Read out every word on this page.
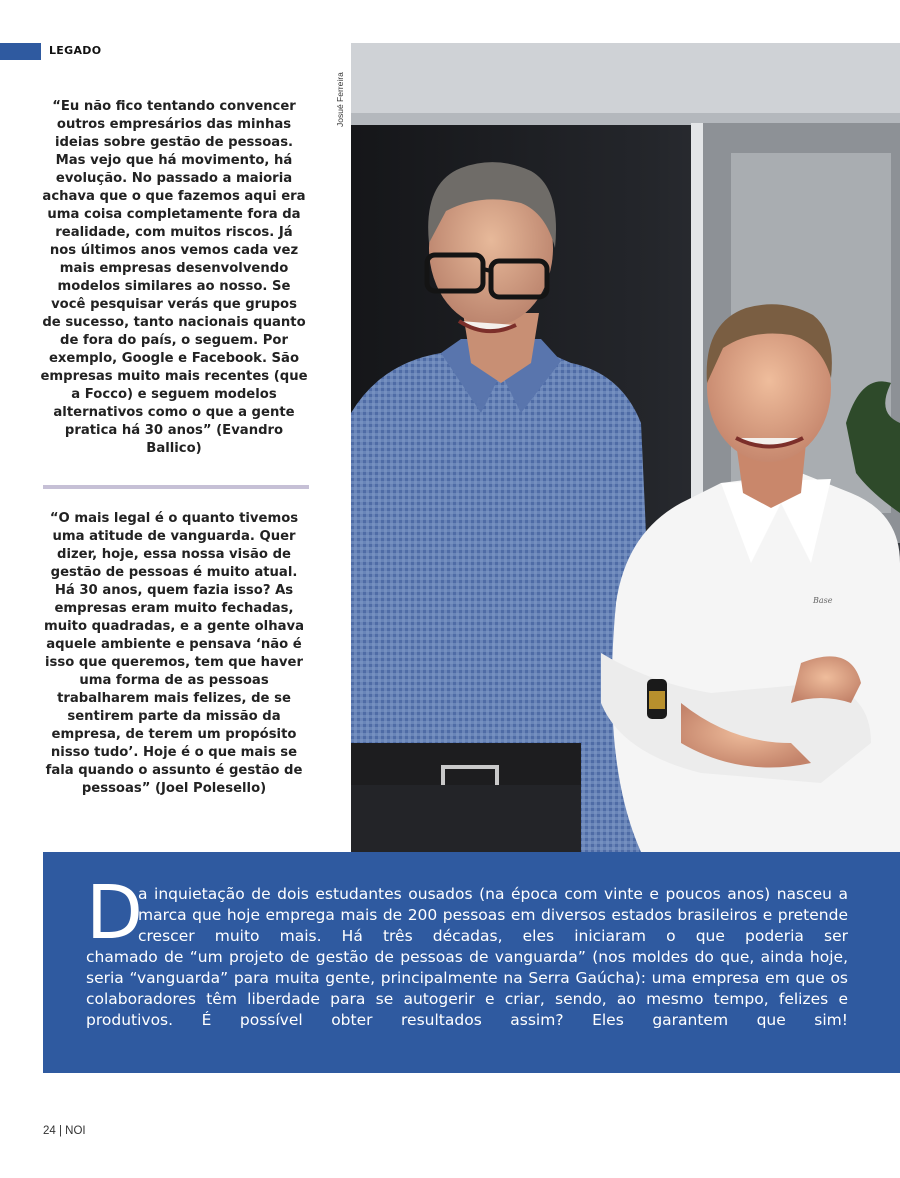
LEGADO
“Eu não fico tentando convencer outros empresários das minhas ideias sobre gestão de pessoas. Mas vejo que há movimento, há evolução. No passado a maioria achava que o que fazemos aqui era uma coisa completamente fora da realidade, com muitos riscos. Já nos últimos anos vemos cada vez mais empresas desenvolvendo modelos similares ao nosso. Se você pesquisar verás que grupos de sucesso, tanto nacionais quanto de fora do país, o seguem. Por exemplo, Google e Facebook. São empresas muito mais recentes (que a Focco) e seguem modelos alternativos como o que a gente pratica há 30 anos” (Evandro Ballico)
“O mais legal é o quanto tivemos uma atitude de vanguarda. Quer dizer, hoje, essa nossa visão de gestão de pessoas é muito atual. Há 30 anos, quem fazia isso? As empresas eram muito fechadas, muito quadradas, e a gente olhava aquele ambiente e pensava ‘não é isso que queremos, tem que haver uma forma de as pessoas trabalharem mais felizes, de se sentirem parte da missão da empresa, de terem um propósito nisso tudo’. Hoje é o que mais se fala quando o assunto é gestão de pessoas” (Joel Polesello)
Josué Ferreira
Base
D
a inquietação de dois estudantes ousados (na época com vinte e poucos anos) nasceu a marca que hoje emprega mais de 200 pessoas em diversos estados brasileiros e pretende crescer muito mais. Há três décadas, eles iniciaram o que poderia ser
chamado de “um projeto de gestão de pessoas de vanguarda” (nos moldes do que, ainda hoje, seria “vanguarda” para muita gente, principalmente na Serra Gaúcha): uma empresa em que os colaboradores têm liberdade para se autogerir e criar, sendo, ao mesmo tempo, felizes e produtivos. É possível obter resultados assim? Eles garantem que sim!
24 | NOI
